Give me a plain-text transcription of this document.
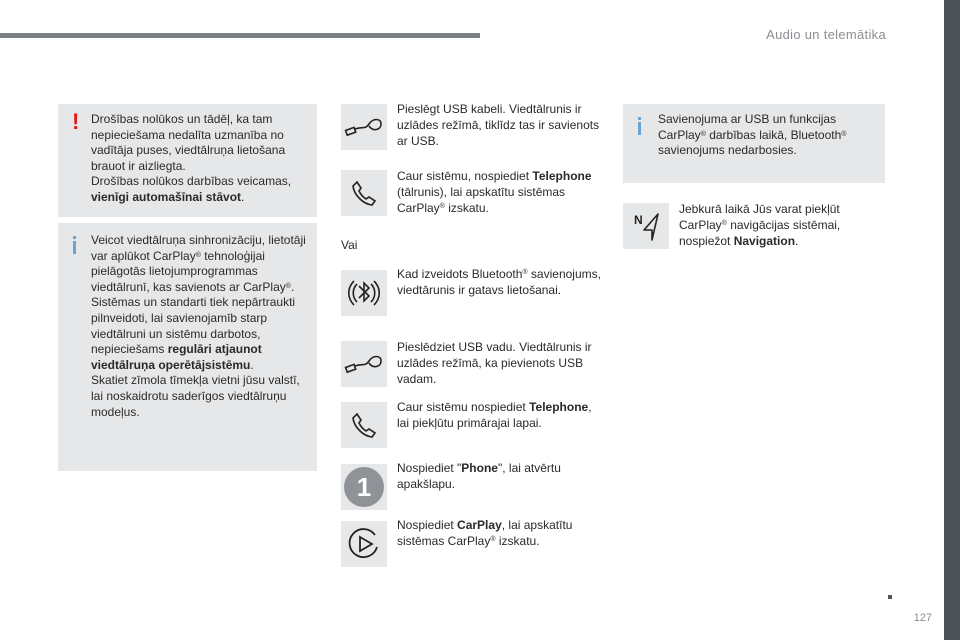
Audio un telemātika
! Drošības nolūkos un tādēļ, ka tam nepieciešama nedalīta uzmanība no vadītāja puses, viedtālruņa lietošana brauot ir aizliegta.
Drošības nolūkos darbības veicamas, vienīgi automašīnai stāvot.
Veicot viedtālruņa sinhronizāciju, lietotāji var aplūkot CarPlay® tehnoloģijai pielāgotās lietojumprogrammas viedtālrunī, kas savienots ar CarPlay®.
Sistēmas un standarti tiek nepārtraukti pilnveidoti, lai savienojamīb starp viedtālruni un sistēmu darbotos, nepieciešams regulāri atjaunot viedtālruņa operētājsistēmu.
Skatiet zīmola tīmekļa vietni jūsu valstī, lai noskaidrotu saderīgos viedtālruņu modeļus.
Pieslēgt USB kabeli. Viedtālrunis ir uzlādes režīmā, tiklīdz tas ir savienots ar USB.
Caur sistēmu, nospiediet Telephone (tālrunis), lai apskatītu sistēmas CarPlay® izskatu.
Vai
Kad izveidots Bluetooth® savienojums, viedtārunis ir gatavs lietošanai.
Pieslēdziet USB vadu. Viedtālrunis ir uzlādes režīmā, ka pievienots USB vadam.
Caur sistēmu nospiediet Telephone, lai piekļūtu primārajai lapai.
1
Nospiediet "Phone", lai atvērtu apakšlapu.
Nospiediet CarPlay, lai apskatītu sistēmas CarPlay® izskatu.
Savienojuma ar USB un funkcijas CarPlay® darbības laikā, Bluetooth® savienojums nedarbosies.
N
Jebkurā laikā Jūs varat piekļūt CarPlay® navigācijas sistēmai, nospiežot Navigation.
127
